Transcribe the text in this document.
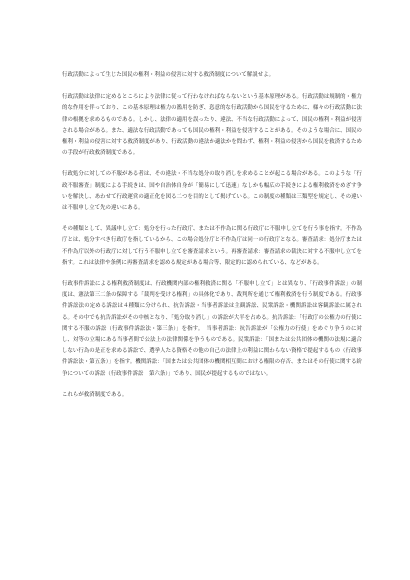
行政活動によって生じた国民の権利・利益の侵害に対する救済制度について解説せよ。

行政活動は法律に定めるところにより法律に従って行わなければならないという基本原理がある。行政活動は規制的・権力的な作用を伴っており、この基本原理は権力の濫用を防ぎ、恣意的な行政活動から国民を守るために、様々の行政活動に法律の根拠を求めるものである。しかし、法律の適用を誤ったり、違法、不当な行政活動によって、国民の権利・利益が侵害される場合がある。また、適法な行政活動であっても国民の権利・利益を侵害することがある。そのような場合に、国民の権利・利益の侵害に対する救済制度があり、行政活動の違法か適法かを問わず、権利・利益の侵害から国民を救済するための手段が行政救済制度である。

行政処分に対しての不服がある者は、その違法・不当な処分の取り消しを求めることが起こる場合がある。このような「行政不服審査」制度による手続きは、国や自治体自身が「簡易にして迅速」なしかも幅広の手続きによる権利救済をめざす争いを解決し、あわせて行政運営の適正化を図る二つを目的として掲げている。この制度の種類は三類型を規定し、その違いは不服申し立て先の違いにある。

その種類として、異議申し立て：処分を行った行政庁、または不作為に関る行政庁に不服申し立てを行う事を指す。不作為庁とは、処分すべき行政庁を指しているから、この場合処分庁と不作為庁は同一の行政庁となる。審査請求：処分庁または不作為庁以外の行政庁に対して行う不服申し立てを審査請求という。再審査請求：審査請求の裁決に対する不服申し立てを指す。これは法律や条例に再審査請求を認める規定がある場合等、限定的に認められている、などがある。

行政事件訴訟による権利救済制度は、行政機関内部の権利救済に関る「不服申し立て」とは異なり、「行政事件訴訟」の制度は、憲法第三二条の保障する「裁判を受ける権利」の具体化であり、裁判所を通じて権利救済を行う制度である。行政事件訴訟法の定める訴訟は４種類に分けられ、抗告訴訟・当事者訴訟は主観訴訟、民衆訴訟・機関訴訟は客観訴訟に属される。その中でも抗告訴訟がその中核となり、「処分取り消し」の訴訟が大半を占める。抗告訴訟：「行政庁の公権力の行使に関する不服の訴訟（行政事件訴訟法・第三条）」を指す。　当事者訴訟：抗告訴訟が「公権力の行使」をめぐり争うのに対し、対等の立場にある当事者間で公法上の法律関係を争うものである。民衆訴訟：「国または公共団体の機関の法規に適合しない行為の是正を求める訴訟で、選挙人たる資格その他の自己の法律上の利益に関わらない資格で提起するもの（行政事件訴訟法・第五条）」を指す。機関訴訟：「国または公共団体の機関相互間における権限の存否、またはその行使に関する紛争についての訴訟（行政事件訴訟　第六条）」であり、国民が提起するものではない。

これらが救済制度である。
